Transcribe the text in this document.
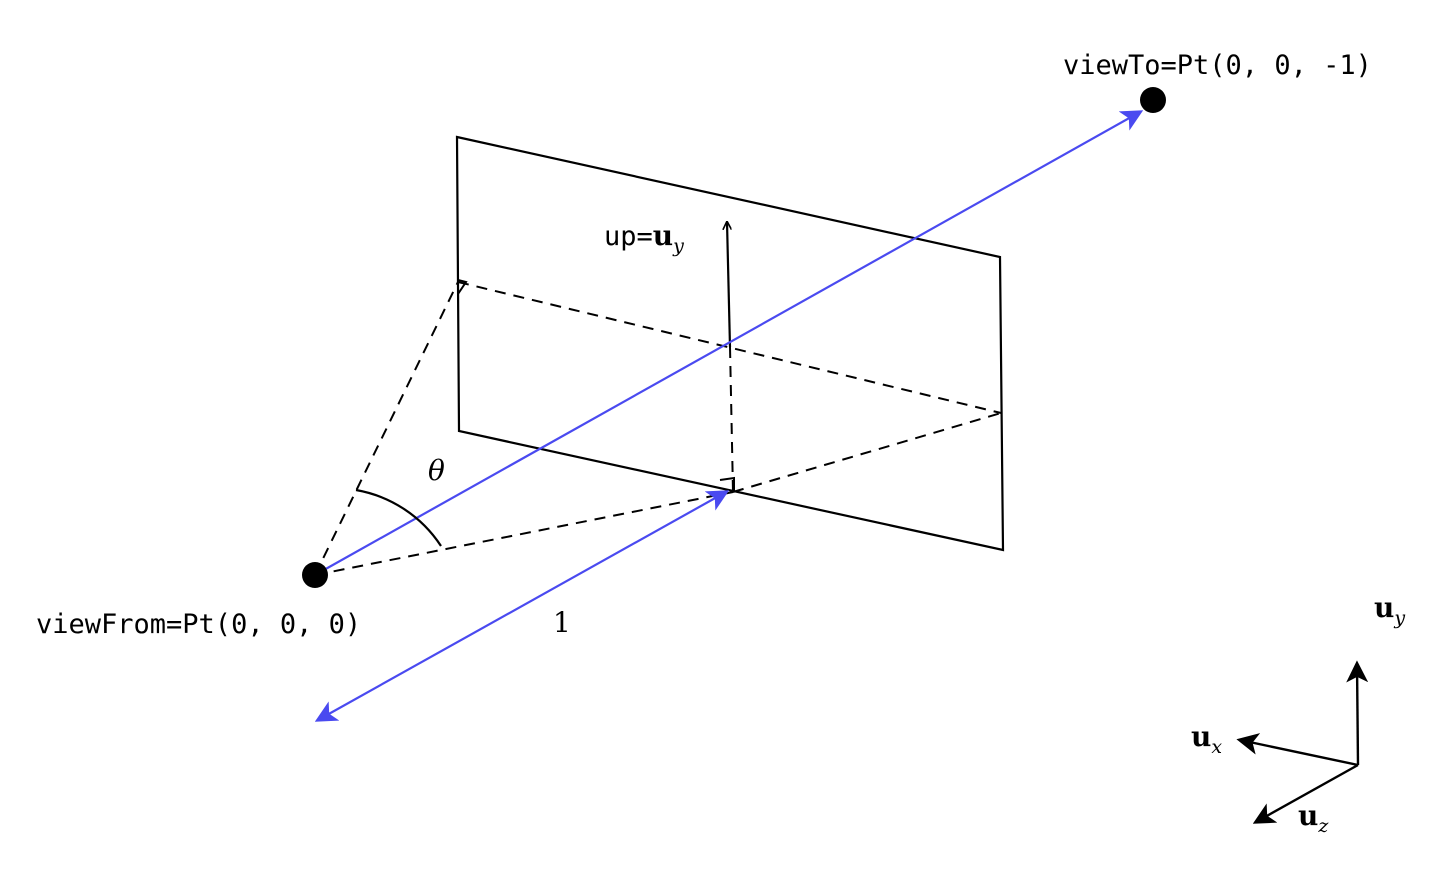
viewTo=Pt(0, 0, -1)
viewFrom=Pt(0, 0, 0)
up=uy
θ
1	uy
ux
uz
